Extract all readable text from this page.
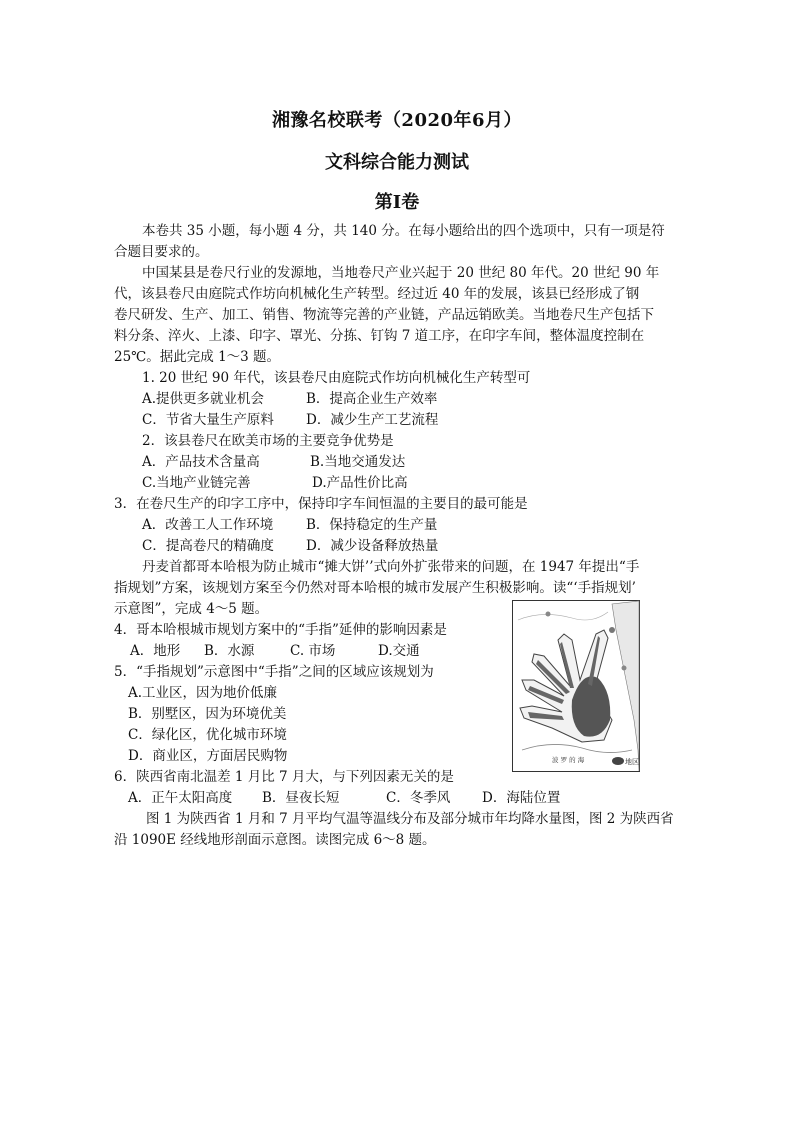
湘豫名校联考（2020年6月）
文科综合能力测试
第Ⅰ卷
本卷共 35 小题，每小题 4 分，共 140 分。在每小题给出的四个选项中，只有一项是符
合题目要求的。
中国某县是卷尺行业的发源地，当地卷尺产业兴起于 20 世纪 80 年代。20 世纪 90 年
代，该县卷尺由庭院式作坊向机械化生产转型。经过近 40 年的发展，该县已经形成了钢
卷尺研发、生产、加工、销售、物流等完善的产业链，产品远销欧美。当地卷尺生产包括下
料分条、淬火、上漆、印字、罩光、分拣、钉钩 7 道工序，在印字车间，整体温度控制在
25℃。据此完成 1～3 题。
1. 20 世纪 90 年代，该县卷尺由庭院式作坊向机械化生产转型可
A.提供更多就业机会	B．提高企业生产效率
C．节省大量生产原料 D．减少生产工艺流程
2．该县卷尺在欧美市场的主要竞争优势是
A．产品技术含量高	B.当地交通发达
C.当地产业链完善	D.产品性价比高
3．在卷尺生产的印字工序中，保持印字车间恒温的主要目的最可能是
A．改善工人工作环境 B．保持稳定的生产量
C．提高卷尺的精确度 D．减少设备释放热量
丹麦首都哥本哈根为防止城市“摊大饼’’式向外扩张带来的问题，在 1947 年提出“手
指规划”方案，该规划方案至今仍然对哥本哈根的城市发展产生积极影响。读“‘手指规划’
示意图”，完成 4～5 题。
4．哥本哈根城市规划方案中的“手指”延伸的影响因素是
A．地形 B．水源	C. 市场	D.交通
5．“手指规划”示意图中“手指”之间的区域应该规划为
A.工业区，因为地价低廉
B．别墅区，因为环境优美
C．绿化区，优化城市环境
D．商业区，方面居民购物
6．陕西省南北温差 1 月比 7 月大，与下列因素无关的是
A．正午太阳高度 B．昼夜长短	C．冬季风 D．海陆位置
图 1 为陕西省 1 月和 7 月平均气温等温线分布及部分城市年均降水量图，图 2 为陕西省
沿 1090E 经线地形剖面示意图。读图完成 6～8 题。
波 罗 的 海	地区
